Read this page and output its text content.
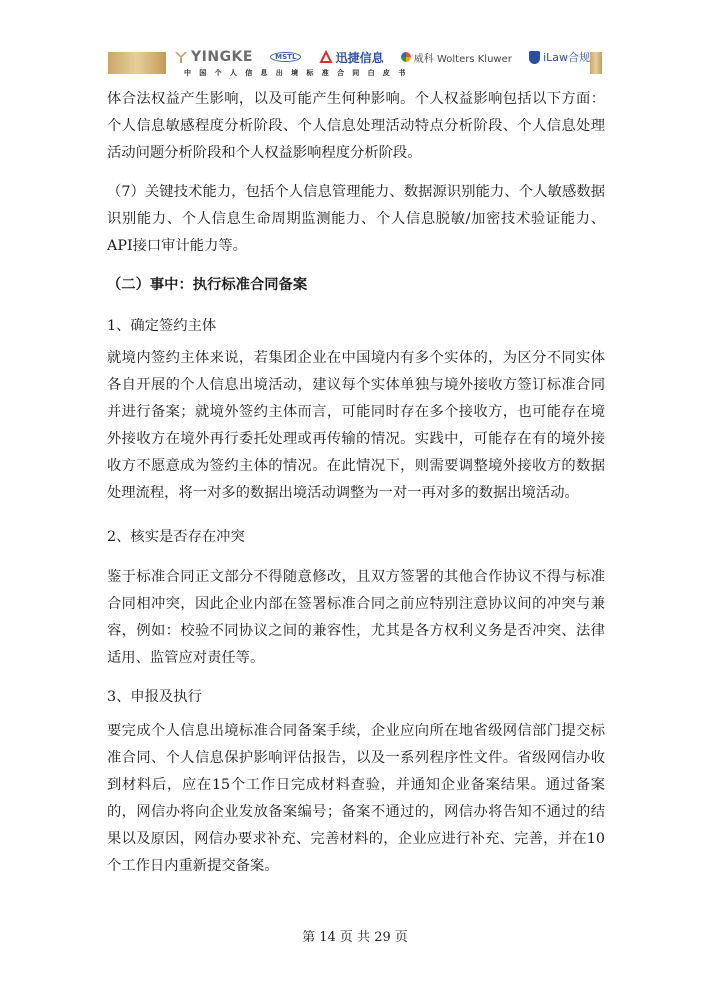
YINGKE	MSTL	迅捷信息	威科 Wolters Kluwer	iLaw合规
中国个人信息出境标准合同白皮书

体合法权益产生影响，以及可能产生何种影响。个人权益影响包括以下方面：个人信息敏感程度分析阶段、个人信息处理活动特点分析阶段、个人信息处理活动问题分析阶段和个人权益影响程度分析阶段。

（7）关键技术能力，包括个人信息管理能力、数据源识别能力、个人敏感数据识别能力、个人信息生命周期监测能力、个人信息脱敏/加密技术验证能力、API接口审计能力等。

（二）事中：执行标准合同备案

1、确定签约主体

就境内签约主体来说，若集团企业在中国境内有多个实体的，为区分不同实体各自开展的个人信息出境活动，建议每个实体单独与境外接收方签订标准合同并进行备案；就境外签约主体而言，可能同时存在多个接收方，也可能存在境外接收方在境外再行委托处理或再传输的情况。实践中，可能存在有的境外接收方不愿意成为签约主体的情况。在此情况下，则需要调整境外接收方的数据处理流程，将一对多的数据出境活动调整为一对一再对多的数据出境活动。

2、核实是否存在冲突

鉴于标准合同正文部分不得随意修改，且双方签署的其他合作协议不得与标准合同相冲突，因此企业内部在签署标准合同之前应特别注意协议间的冲突与兼容，例如：校验不同协议之间的兼容性，尤其是各方权利义务是否冲突、法律适用、监管应对责任等。

3、申报及执行

要完成个人信息出境标准合同备案手续，企业应向所在地省级网信部门提交标准合同、个人信息保护影响评估报告，以及一系列程序性文件。省级网信办收到材料后，应在15个工作日完成材料查验，并通知企业备案结果。通过备案的，网信办将向企业发放备案编号；备案不通过的，网信办将告知不通过的结果以及原因，网信办要求补充、完善材料的，企业应进行补充、完善，并在10个工作日内重新提交备案。

第 14 页 共 29 页
